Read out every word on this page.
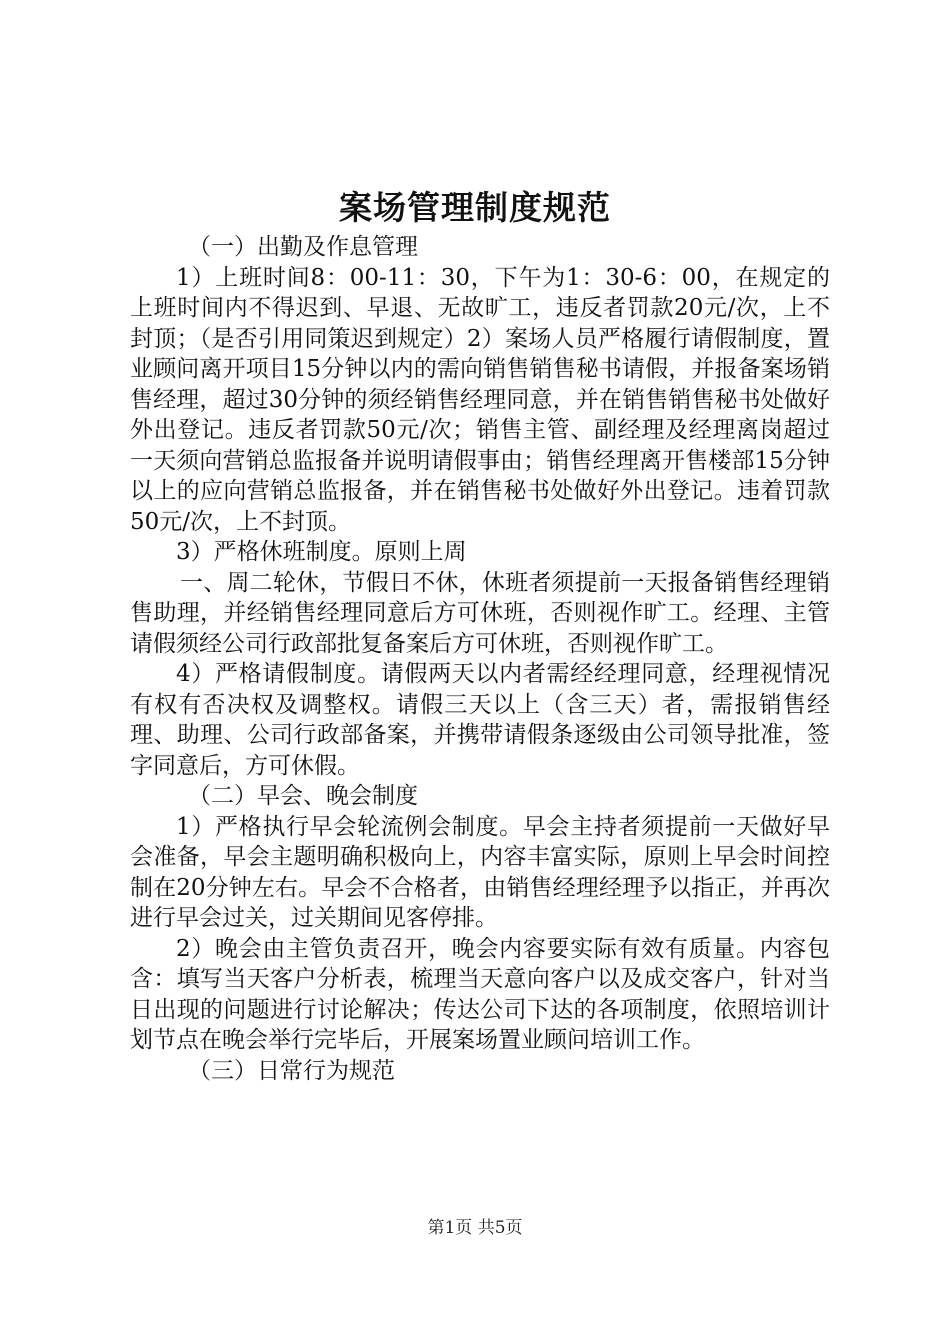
案场管理制度规范

（一）出勤及作息管理

1）上班时间8：00-11：30，下午为1：30-6：00，在规定的上班时间内不得迟到、早退、无故旷工，违反者罚款20元/次，上不封顶；（是否引用同策迟到规定）2）案场人员严格履行请假制度，置业顾问离开项目15分钟以内的需向销售销售秘书请假，并报备案场销售经理，超过30分钟的须经销售经理同意，并在销售销售秘书处做好外出登记。违反者罚款50元/次；销售主管、副经理及经理离岗超过一天须向营销总监报备并说明请假事由；销售经理离开售楼部15分钟以上的应向营销总监报备，并在销售秘书处做好外出登记。违着罚款50元/次，上不封顶。

3）严格休班制度。原则上周

一、周二轮休，节假日不休，休班者须提前一天报备销售经理销售助理，并经销售经理同意后方可休班，否则视作旷工。经理、主管请假须经公司行政部批复备案后方可休班，否则视作旷工。

4）严格请假制度。请假两天以内者需经经理同意，经理视情况有权有否决权及调整权。请假三天以上（含三天）者，需报销售经理、助理、公司行政部备案，并携带请假条逐级由公司领导批准，签字同意后，方可休假。

（二）早会、晚会制度

1）严格执行早会轮流例会制度。早会主持者须提前一天做好早会准备，早会主题明确积极向上，内容丰富实际，原则上早会时间控制在20分钟左右。早会不合格者，由销售经理经理予以指正，并再次进行早会过关，过关期间见客停排。

2）晚会由主管负责召开，晚会内容要实际有效有质量。内容包含：填写当天客户分析表，梳理当天意向客户以及成交客户，针对当日出现的问题进行讨论解决；传达公司下达的各项制度，依照培训计划节点在晚会举行完毕后，开展案场置业顾问培训工作。

（三）日常行为规范

第1页 共5页
